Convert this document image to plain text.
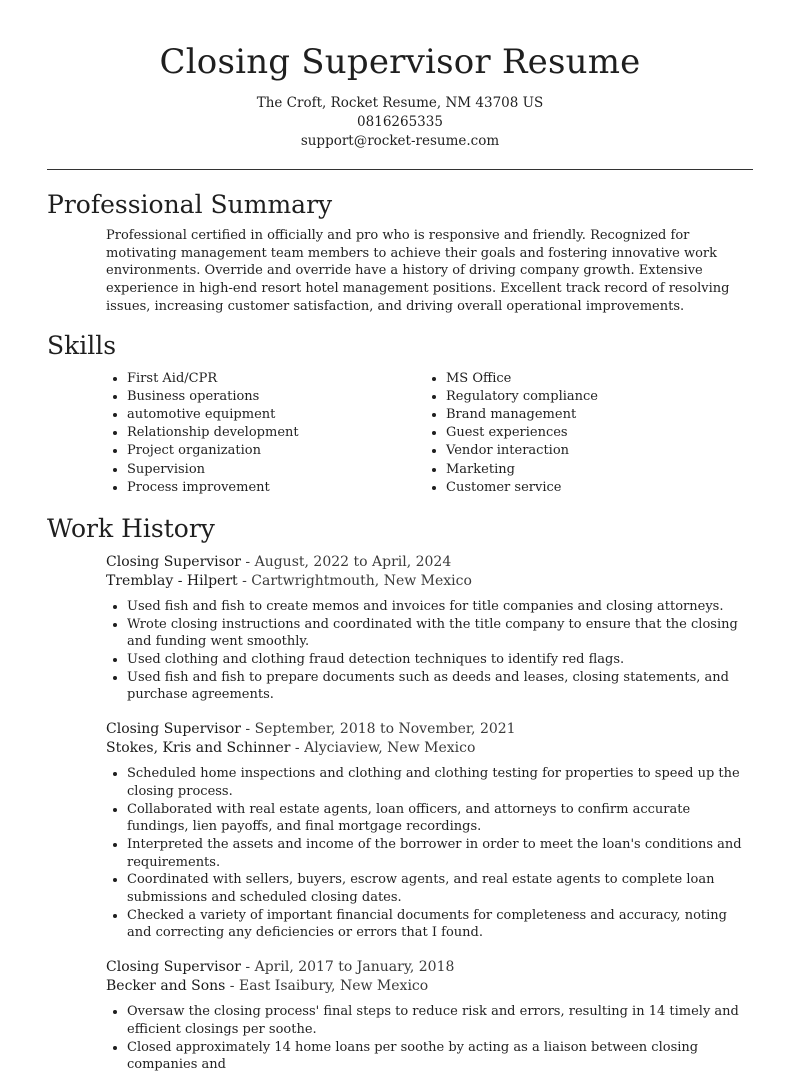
Closing Supervisor Resume
The Croft, Rocket Resume, NM 43708 US
0816265335
support@rocket-resume.com
Professional Summary

Professional certified in officially and pro who is responsive and friendly. Recognized for motivating management team members to achieve their goals and fostering innovative work environments. Override and override have a history of driving company growth. Extensive experience in high-end resort hotel management positions. Excellent track record of resolving issues, increasing customer satisfaction, and driving overall operational improvements.

Skills
• First Aid/CPR
• Business operations
• automotive equipment
• Relationship development
• Project organization
• Supervision
• Process improvement
• MS Office
• Regulatory compliance
• Brand management
• Guest experiences
• Vendor interaction
• Marketing
• Customer service
Work History
Closing Supervisor - August, 2022 to April, 2024
Tremblay - Hilpert - Cartwrightmouth, New Mexico
• Used fish and fish to create memos and invoices for title companies and closing attorneys.
• Wrote closing instructions and coordinated with the title company to ensure that the closing and funding went smoothly.
• Used clothing and clothing fraud detection techniques to identify red flags.
• Used fish and fish to prepare documents such as deeds and leases, closing statements, and purchase agreements.
Closing Supervisor - September, 2018 to November, 2021
Stokes, Kris and Schinner - Alyciaview, New Mexico
• Scheduled home inspections and clothing and clothing testing for properties to speed up the closing process.
• Collaborated with real estate agents, loan officers, and attorneys to confirm accurate fundings, lien payoffs, and final mortgage recordings.
• Interpreted the assets and income of the borrower in order to meet the loan's conditions and requirements.
• Coordinated with sellers, buyers, escrow agents, and real estate agents to complete loan submissions and scheduled closing dates.
• Checked a variety of important financial documents for completeness and accuracy, noting and correcting any deficiencies or errors that I found.
Closing Supervisor - April, 2017 to January, 2018
Becker and Sons - East Isaibury, New Mexico
• Oversaw the closing process' final steps to reduce risk and errors, resulting in 14 timely and efficient closings per soothe.
• Closed approximately 14 home loans per soothe by acting as a liaison between closing companies and
